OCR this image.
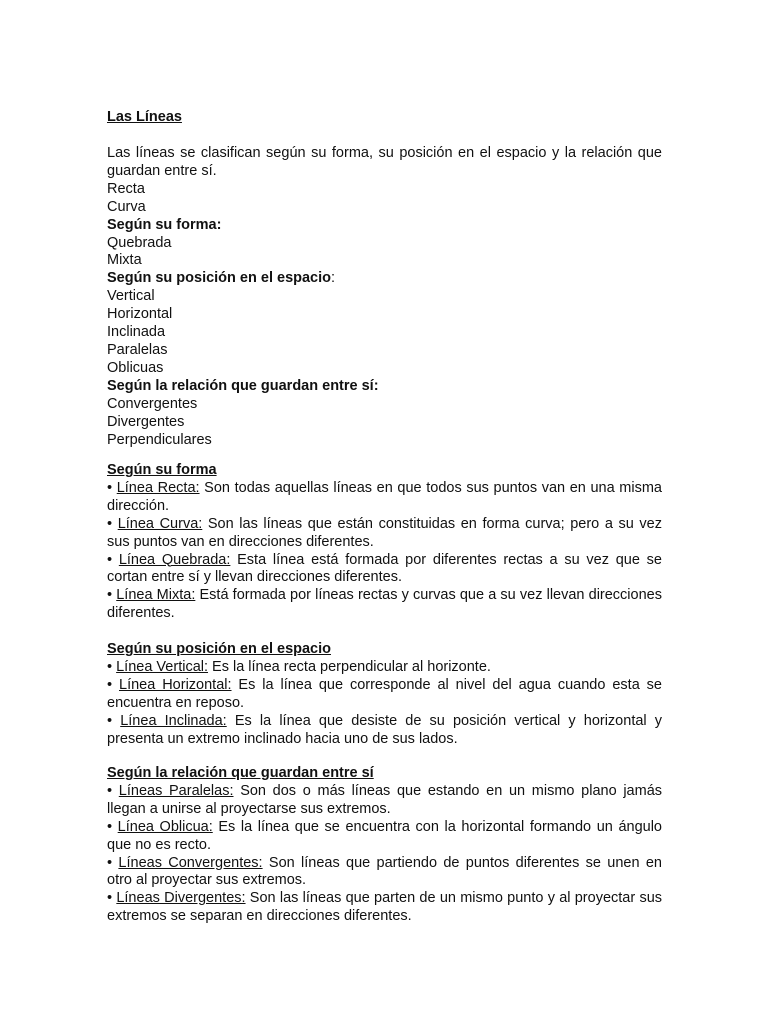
Las Líneas

Las líneas se clasifican según su forma, su posición en el espacio y la relación que guardan entre sí.

Recta
Curva
Según su forma:
Quebrada
Mixta
Según su posición en el espacio:
Vertical
Horizontal
Inclinada
Paralelas
Oblicuas
Según la relación que guardan entre sí:
Convergentes
Divergentes
Perpendiculares
Según su forma

• Línea Recta: Son todas aquellas líneas en que todos sus puntos van en una misma dirección.

• Línea Curva: Son las líneas que están constituidas en forma curva; pero a su vez sus puntos van en direcciones diferentes.

• Línea Quebrada: Esta línea está formada por diferentes rectas a su vez que se cortan entre sí y llevan direcciones diferentes.

• Línea Mixta: Está formada por líneas rectas y curvas que a su vez llevan direcciones diferentes.

Según su posición en el espacio

• Línea Vertical: Es la línea recta perpendicular al horizonte.

• Línea Horizontal: Es la línea que corresponde al nivel del agua cuando esta se encuentra en reposo.

• Línea Inclinada: Es la línea que desiste de su posición vertical y horizontal y presenta un extremo inclinado hacia uno de sus lados.

Según la relación que guardan entre sí

• Líneas Paralelas: Son dos o más líneas que estando en un mismo plano jamás llegan a unirse al proyectarse sus extremos.

• Línea Oblicua: Es la línea que se encuentra con la horizontal formando un ángulo que no es recto.

• Líneas Convergentes: Son líneas que partiendo de puntos diferentes se unen en otro al proyectar sus extremos.

• Líneas Divergentes: Son las líneas que parten de un mismo punto y al proyectar sus extremos se separan en direcciones diferentes.
